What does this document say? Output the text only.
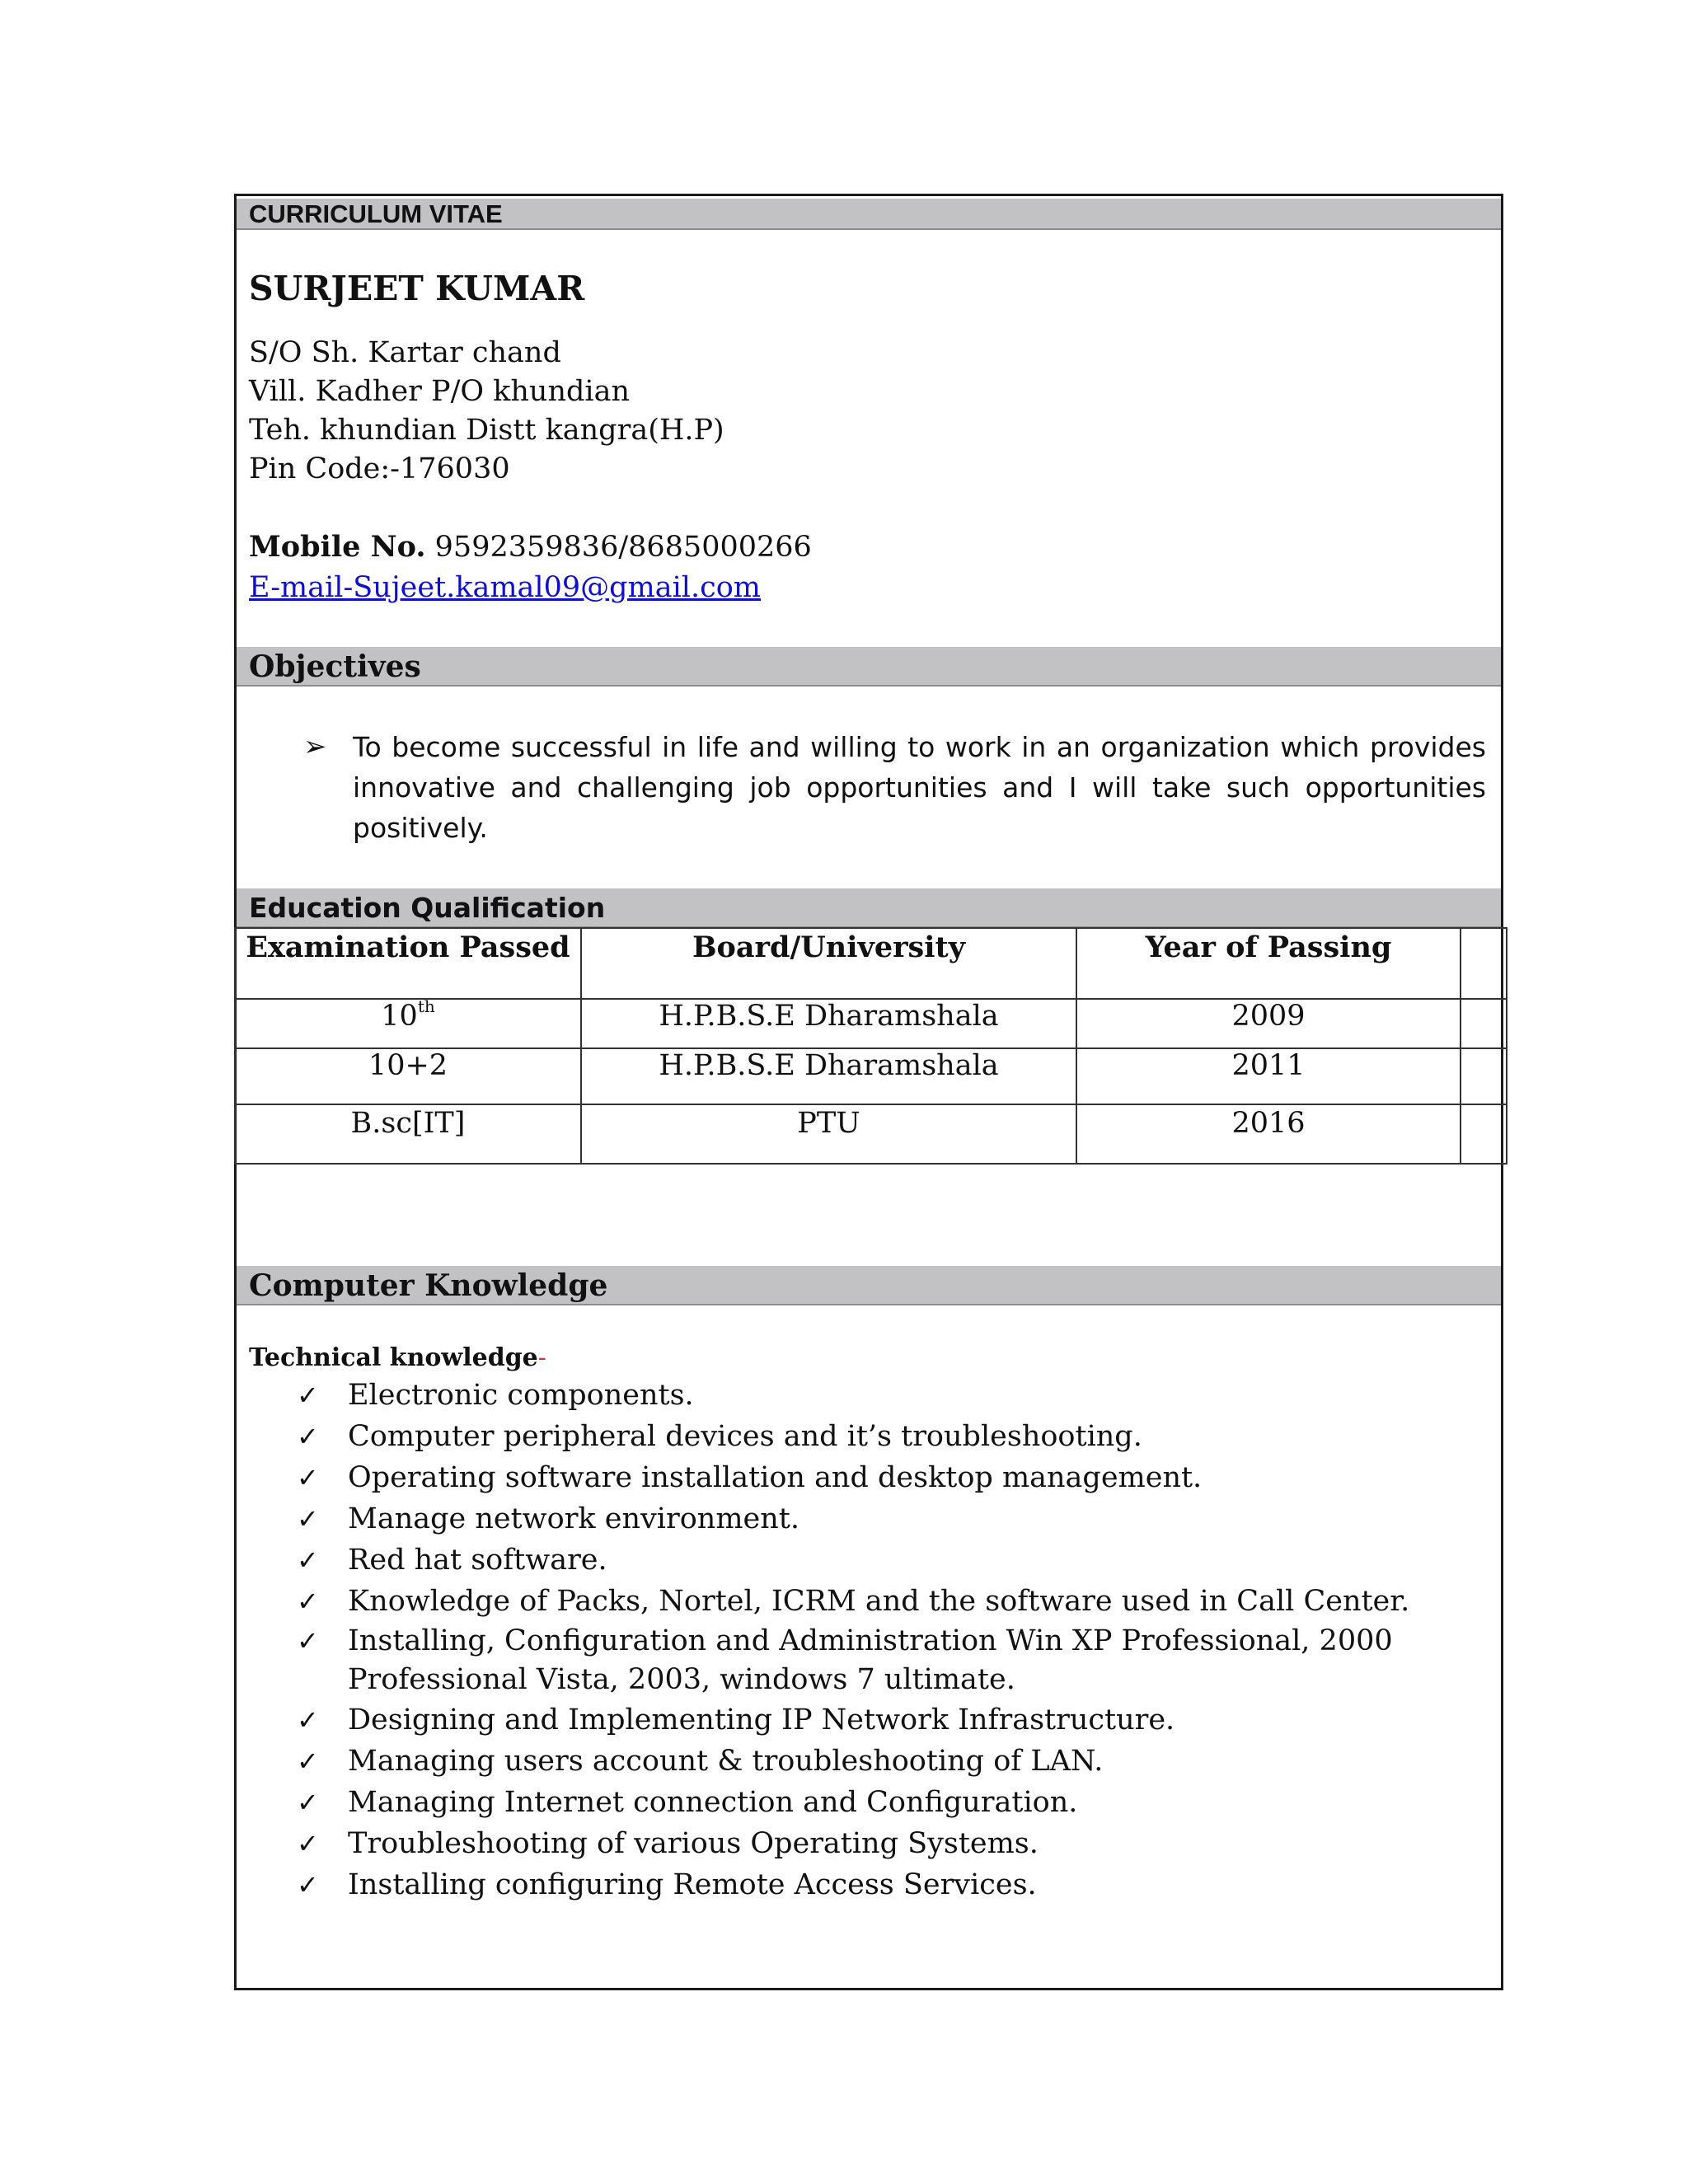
CURRICULUM VITAE
SURJEET KUMAR
S/O Sh. Kartar chand
Vill. Kadher P/O khundian
Teh. khundian Distt kangra(H.P)
Pin Code:-176030
Mobile No. 9592359836/8685000266
E-mail-Sujeet.kamal09@gmail.com
Objectives
➢ To become successful in life and willing to work in an organization which provides innovative and challenging job opportunities and I will take such opportunities positively.
Education Qualification
Examination Passed	Board/University	Year of Passing	
10th	H.P.B.S.E Dharamshala	2009	
10+2	H.P.B.S.E Dharamshala	2011	
B.sc[IT]	PTU	2016	
Computer Knowledge
Technical knowledge-
✓ Electronic components.
✓ Computer peripheral devices and it’s troubleshooting.
✓ Operating software installation and desktop management.
✓ Manage network environment.
✓ Red hat software.
✓ Knowledge of Packs, Nortel, ICRM and the software used in Call Center.
✓ Installing, Configuration and Administration Win XP Professional, 2000 Professional Vista, 2003, windows 7 ultimate.
✓ Designing and Implementing IP Network Infrastructure.
✓ Managing users account & troubleshooting of LAN.
✓ Managing Internet connection and Configuration.
✓ Troubleshooting of various Operating Systems.
✓ Installing configuring Remote Access Services.
